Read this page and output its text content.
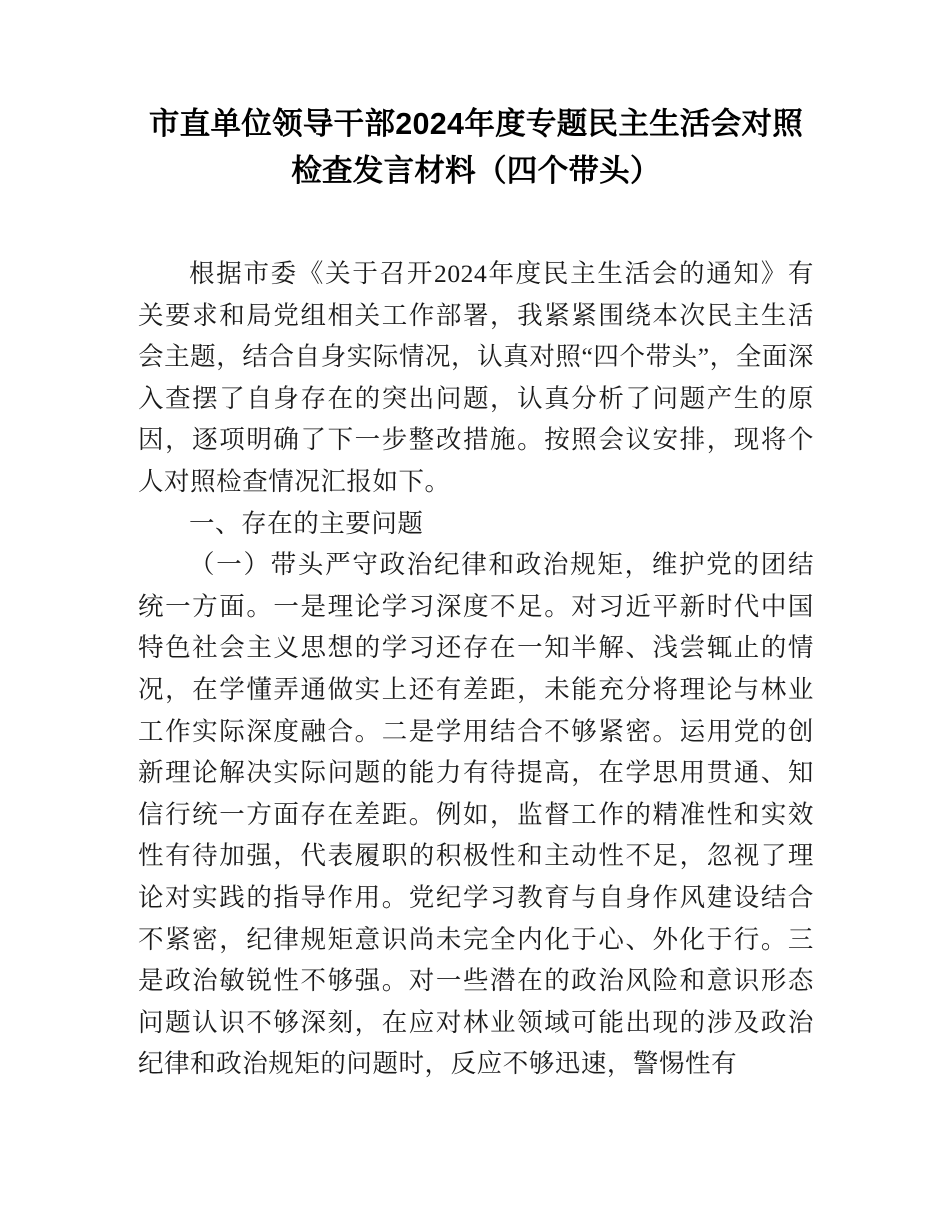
市直单位领导干部2024年度专题民主生活会对照检查发言材料（四个带头）

根据市委《关于召开2024年度民主生活会的通知》有关要求和局党组相关工作部署，我紧紧围绕本次民主生活会主题，结合自身实际情况，认真对照“四个带头”，全面深入查摆了自身存在的突出问题，认真分析了问题产生的原因，逐项明确了下一步整改措施。按照会议安排，现将个人对照检查情况汇报如下。

一、存在的主要问题

（一）带头严守政治纪律和政治规矩，维护党的团结统一方面。一是理论学习深度不足。对习近平新时代中国特色社会主义思想的学习还存在一知半解、浅尝辄止的情况，在学懂弄通做实上还有差距，未能充分将理论与林业工作实际深度融合。二是学用结合不够紧密。运用党的创新理论解决实际问题的能力有待提高，在学思用贯通、知信行统一方面存在差距。例如，监督工作的精准性和实效性有待加强，代表履职的积极性和主动性不足，忽视了理论对实践的指导作用。党纪学习教育与自身作风建设结合不紧密，纪律规矩意识尚未完全内化于心、外化于行。三是政治敏锐性不够强。对一些潜在的政治风险和意识形态问题认识不够深刻，在应对林业领域可能出现的涉及政治纪律和政治规矩的问题时，反应不够迅速，警惕性有
